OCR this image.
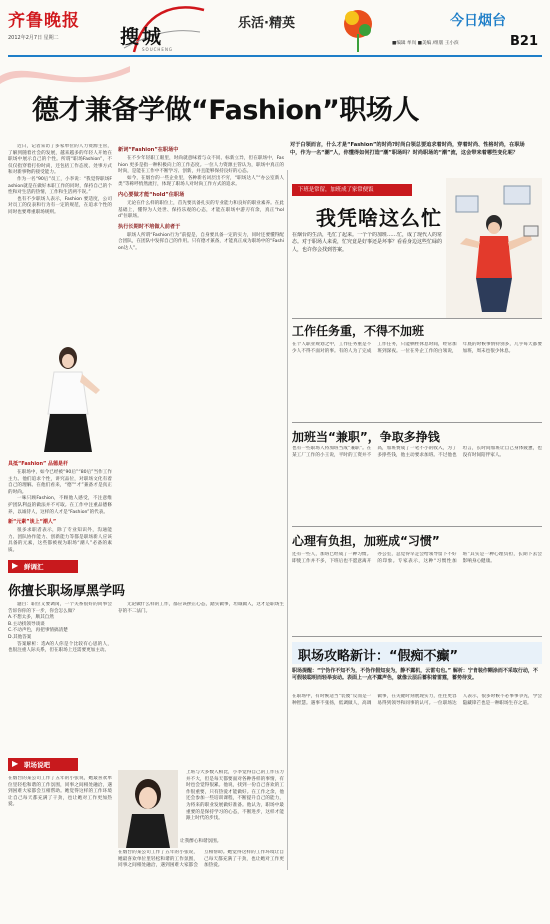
齐鲁晚报
2012年2月7日 星期二	搜城
SOUCHENG
乐活·精英	今日烟台
■编辑 牟岚 ■美编 /组版 王小滨	B21
德才兼备学做“Fashion”职场人

近日，记者采访了多家单位的人力资源主管，了解到随着社会的发展，越来越多的年轻人开始在职场中展示自己的个性。所谓“职场Fashion”，不仅仅指穿着打扮时尚，还包括工作态度、处事方式和对新事物的接受能力。

作为一名“90后”员工，小李说：“我觉得职场Fashion就是在做好本职工作的同时，保持自己的个性和对生活的热情，工作和生活两不误。”

也有不少职场人表示，Fashion 要适度，公司对员工的仪表和行为有一定的规范，在追求个性的同时也要尊重职场规则。

具抵“Fashion” 品德是杆

在职场中，如今已经被“90后”“80后”当作工作主力。他们追求个性，讲究品位，对职场文化有着自己的理解。在他们看来，“德”“才”兼备才是真正的时尚。

一味只顾Fashion，不顾他人感受，不注意维护团队利益的做法并不可取。在工作中注重品德修养，以诚待人，这样的人才是“Fashion”的代表。

新“元素”谈上“潮人”

很多求职者表示，除了专业知识外，沟通能力、团队协作能力、创新能力等都是职场新人应该具备的元素，这些都被视为职场“潮人”必备的素质。

对于白领而言，什么才是“Fashion”的时尚?时尚白领总要追求着时尚，穿着时尚、性格时尚，在职场中，作为一名“潮”人，你懂得如何打造“潮”职场吗？时尚职场的“潮”流，这会带来着哪些变化呢？
新词“Fashion”在职场中

在不少年轻职工眼里，时尚就意味着与众不同、标新立异，但在职场中，Fashion 更多是指一种积极向上的工作态度。一位人力资源主管认为，职场中真正的时尚，是能在工作中不断学习、创新，并且能够保持良好的心态。

如今，在烟台的一些企业里，各种新名词层出不穷，“职场达人”“办公室新人类”等称呼悄然流行，体现了职场人对时尚工作方式的追求。

内心要做才能“hold”住职场

无论在什么样的职位上，首先要具备扎实的专业能力和良好的职业素养。在此基础上，懂得为人处世、保持乐观的心态，才能在职场中游刃有余，真正“hold”住职场。

执行长期时不培做人前者于

职场人所谓“Fashion行为”前提是，自身要具备一定的实力，同时还要懂得配合团队，在团队中发挥自己的作用。只有德才兼备，才能真正成为职场中的“Fashion达人”。

下班是常留，加班成了家常便饭
我凭啥这么忙
在烟台的生活，毛忙了起来。一个个的加班……忙，成了现代人的常态。对于职场人来说，忙究竟是好事还是坏事？看看身边这些忙碌的人，也许你会找到答案。
工作任务重，不得不加班
在个人职业规划之中，工作任务重是不少人不得不面对的事。有的人为了完成工作任务，只能牺牲休息时间，经常加班到深夜。一位在外企工作的白领说，年底的时候事情特别多，几乎每天都要加班，周末也很少休息。
加班当“兼职”，争取多挣钱
也有一些职场人将加班当成“兼职”。在某工厂工作的小王说，平时的工资并不高，加班费成了一笔不小的收入，为了多挣些钱，他主动要求加班。不过他也坦言，长时间加班让自己身体疲惫，也没有时间陪伴家人。
心理有负担，加班成“习惯”
还有一些人，加班已经成了一种习惯。即使工作并不多，下班后也不愿意离开办公室，总觉得早走会给领导留下不好的印象。专家表示，这种“习惯性加班”其实是一种心理负担，长期下去会影响身心健康。
职场攻略新计：“假痴不癫”
职场提醒：“宁伪作不知不为，不伪作假知妄为，静不露机，云雷屯也。” 解析：宁肯装作糊涂而不采取行动，不可假装聪明而轻举妄动。表面上一点不露声色，就像云层后蓄积着雷霆，蓄势待发。
在职场中，有时候适当“装傻”反而是一种智慧。遇事不张扬，低调做人，高调做事，在关键时刻展现实力，往往更容易得到领导和同事的认可。一位职场达人表示，很多时候不必事事争先，学会隐藏锋芒也是一种职场生存之道。
▶ 鲜调汇
你擅长职场厚黑学吗

题目：职位又要调岗，一个关系很好的同事会告诉你你的下一步，你会怎么做？

A.不想太多，顺其自然
B.主动找领导谈谈
C.不动声色，再把事情搞清楚
D.其他答案

答案解析：选A的人你是个比较有心思的人，也很注重人际关系，但在职场上还需要更加主动。

无论做什么样的工作，都应该摆正心态，踏实做事，坦诚做人，这才是职场生存的不二法门。

▶ 职场说吧
让我醉心和谐氛围。
在烟台的某公司工作了五年的小张说，她最喜欢单位里轻松和谐的工作氛围，同事之间相处融洽，遇到困难大家都会互相帮助。她觉得这样的工作环境让自己每天都充满了干劲，也让她对工作更加热爱。
在烟台的某公司工作了五年的小张说，她最喜欢单位里轻松和谐的工作氛围，同事之间相处融洽，遇到困难大家都会互相帮助。她觉得这样的工作环境让自己每天都充满了干劲，也让她对工作更加热爱。
上班与大多数人相比，小李觉得自己的工作压力并不大，但是每天都要面对各种各样的事情，有时也会觉得很累。他说，找到一份自己喜欢的工作很重要，只有热爱才能做好。在工作之余，他还会参加一些培训课程，不断提升自己的能力，为将来的职业发展做好准备。他认为，职场中最重要的是保持学习的心态，不断进步，这样才能跟上时代的步伐。
